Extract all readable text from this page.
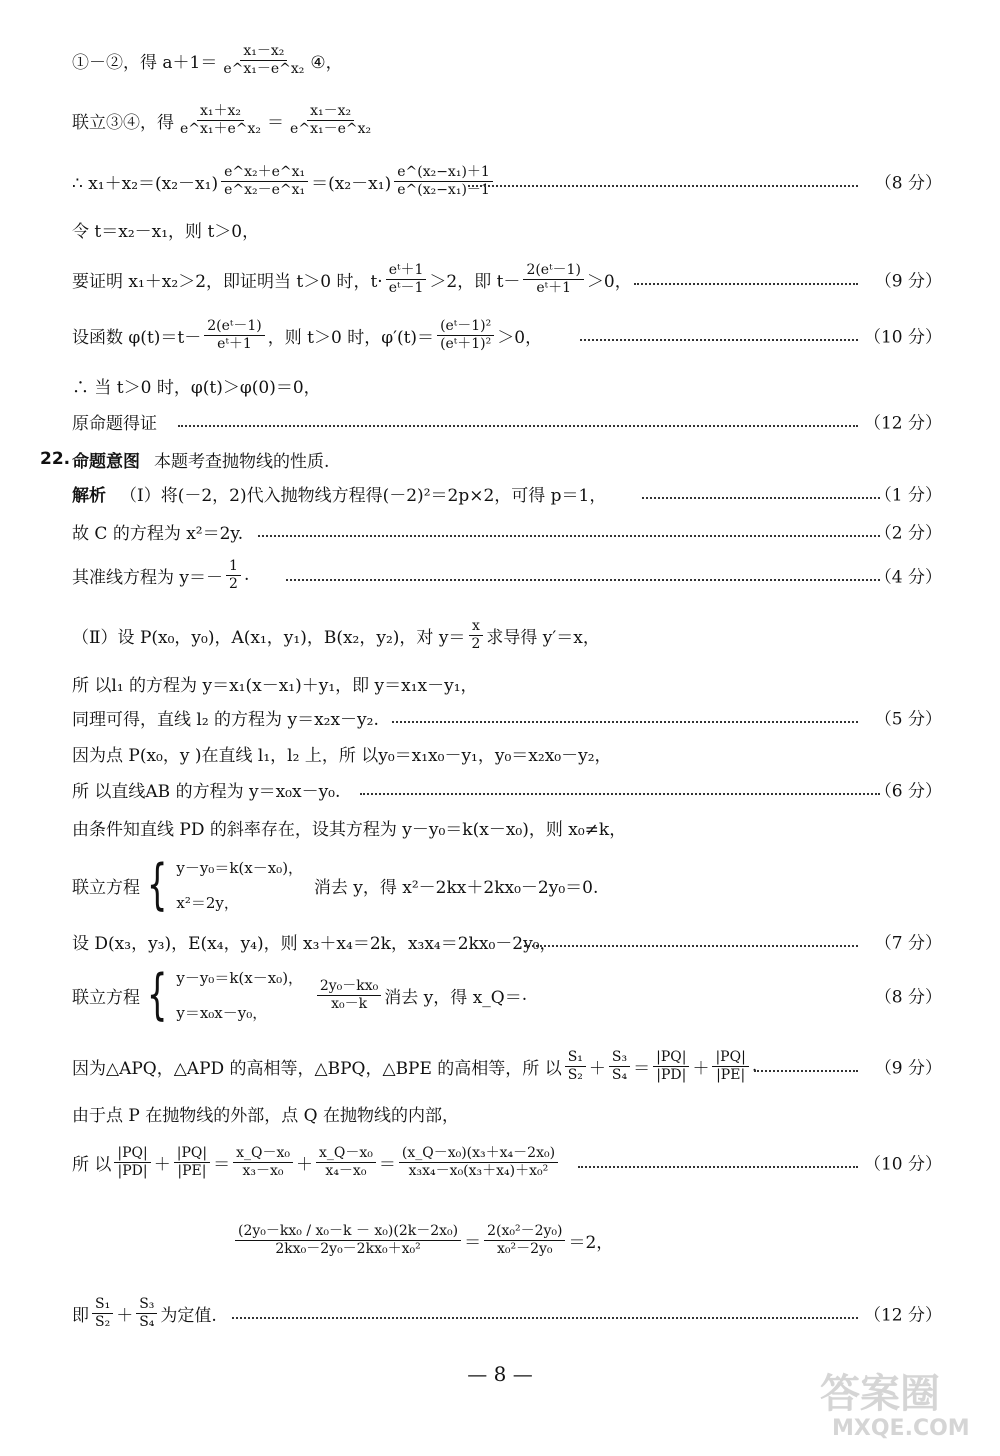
①－②，得 $a+1= \frac{\text{x₁－x₂}}{\text{e\textasciicircum{}x₁－e\textasciicircum{}x₂}}$ ④，
联立③④，得 $\frac{\text{x₁＋x₂}}{\text{e\textasciicircum{}x₁＋e\textasciicircum{}x₂}} = \frac{\text{x₁－x₂}}{\text{e\textasciicircum{}x₁－e\textasciicircum{}x₂}}$
∴ $x_1+x_2=(x_2-x_1) \frac{\text{e\textasciicircum{}x₂＋e\textasciicircum{}x₁}}{\text{e\textasciicircum{}x₂－e\textasciicircum{}x₁}} =(x_2-x_1) \frac{\text{e\textasciicircum{}(x₂−x₁)＋1}}{\text{e\textasciicircum{}(x₂−x₁)－1}}$	（8 分）
令 t＝x₂－x₁，则 t＞0，
要证明 x₁＋x₂＞2，即证明当 t＞0 时，$t\cdot \frac{\text{eᵗ＋1}}{\text{eᵗ－1}} >2$，即 $t- \frac{\text{2(eᵗ－1)}}{\text{eᵗ＋1}} >0$，	（9 分）
设函数 $\varphi(t)=t- \frac{\text{2(eᵗ－1)}}{\text{eᵗ＋1}}$ ，则 t＞0 时，$\varphi'(t)= \frac{\text{(eᵗ－1)²}}{\text{(eᵗ＋1)²}} >0$，	（10 分）
∴ 当 t＞0 时，φ(t)＞φ(0)＝0，
原命题得证	（12 分）
22. 命题意图 本题考查抛物线的性质.
解析 （Ⅰ）将(－2，2)代入抛物线方程得(－2)²＝2p×2，可得 p＝1，	（1 分）
故 C 的方程为 x²＝2y.	（2 分）
其准线方程为 $y=- \frac{1}{2}$ .	（4 分）
（Ⅱ）设 P(x₀，y₀)，A(x₁，y₁)，B(x₂，y₂)，对 $y= \frac{x}{2}$ 求导得 y′＝x，
所 以l₁ 的方程为 y＝x₁(x－x₁)＋y₁，即 y＝x₁x－y₁，
同理可得，直线 l₂ 的方程为 y＝x₂x－y₂.	（5 分）
因为点 P(x₀，y )在直线 l₁，l₂ 上，所 以y₀＝x₁x₀－y₁，y₀＝x₂x₀－y₂，
所 以直线AB 的方程为 y＝x₀x－y₀.	（6 分）
由条件知直线 PD 的斜率存在，设其方程为 y－y₀＝k(x－x₀)，则 x₀≠k，
联立方程 { y－y₀＝k(x－x₀)，
x²＝2y，

消去 y，得 x²－2kx＋2kx₀－2y₀＝0.
设 D(x₃，y₃)，E(x₄，y₄)，则 x₃＋x₄＝2k，x₃x₄＝2kx₀－2y₀，	（7 分）
联立方程 { y－y₀＝k(x－x₀)，
y＝x₀x－y₀，

$\frac{\text{2y₀－kx₀}}{\text{x₀－k}}$ 消去 y，得 x_Q＝ .	（8 分）
因为△APQ，△APD 的高相等，△BPQ，△BPE 的高相等，所 以 $\frac{\text{S₁}}{\text{S₂}} + \frac{\text{S₃}}{\text{S₄}} = \frac{|PQ|}{|PD|} + \frac{|PQ|}{|PE|}$ .	（9 分）
由于点 P 在抛物线的外部，点 Q 在抛物线的内部，
所 以 $\frac{|PQ|}{|PD|} + \frac{|PQ|}{|PE|} = \frac{\text{x\_Q－x₀}}{\text{x₃－x₀}} + \frac{\text{x\_Q－x₀}}{\text{x₄－x₀}} = \frac{\text{(x\_Q－x₀)(x₃＋x₄－2x₀)}}{\text{x₃x₄－x₀(x₃＋x₄)＋x₀²}}$	（10 分）
$\frac{\text{(2y₀－kx₀ / x₀－k － x₀)(2k－2x₀)}}{\text{2kx₀－2y₀－2kx₀＋x₀²}} = \frac{\text{2(x₀²－2y₀)}}{\text{x₀²－2y₀}} =2$，
即 $\frac{\text{S₁}}{\text{S₂}} + \frac{\text{S₃}}{\text{S₄}}$ 为定值.	（12 分）
— 8 —	答案圈
MXQE.COM
